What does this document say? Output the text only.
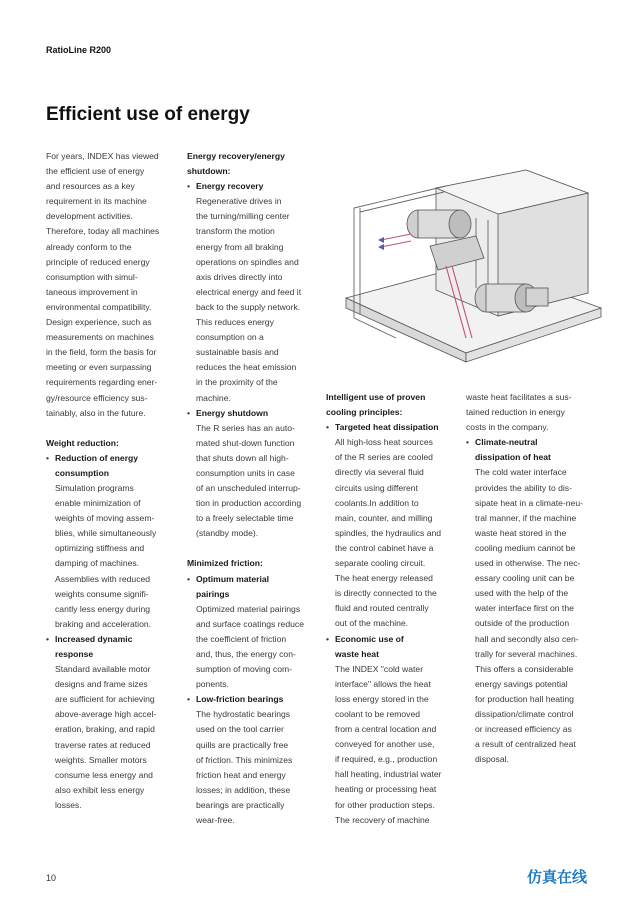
RatioLine R200
Efficient use of energy

For years, INDEX has viewed
the efficient use of energy
and resources as a key
requirement in its machine
development activities.
Therefore, today all machines
already conform to the
principle of reduced energy
consumption with simul-
taneous improvement in
environmental compatibility.
Design experience, such as
measurements on machines
in the field, form the basis for
meeting or even surpassing
requirements regarding ener-
gy/resource efficiency sus-
tainably, also in the future.

Weight reduction:
• Reduction of energy
consumption
Simulation programs
enable minimization of
weights of moving assem-
blies, while simultaneously
optimizing stiffness and
damping of machines.
Assemblies with reduced
weights consume signifi-
cantly less energy during
braking and acceleration.
• Increased dynamic
response
Standard available motor
designs and frame sizes
are sufficient for achieving
above-average high accel-
eration, braking, and rapid
traverse rates at reduced
weights. Smaller motors
consume less energy and
also exhibit less energy
losses.
Energy recovery/energy
shutdown:
• Energy recovery
Regenerative drives in
the turning/milling center
transform the motion
energy from all braking
operations on spindles and
axis drives directly into
electrical energy and feed it
back to the supply network.
This reduces energy
consumption on a
sustainable basis and
reduces the heat emission
in the proximity of the
machine.
• Energy shutdown
The R series has an auto-
mated shut-down function
that shuts down all high-
consumption units in case
of an unscheduled interrup-
tion in production according
to a freely selectable time
(standby mode).
Minimized friction:
• Optimum material
pairings
Optimized material pairings
and surface coatings reduce
the coefficient of friction
and, thus, the energy con-
sumption of moving com-
ponents.
• Low-friction bearings
The hydrostatic bearings
used on the tool carrier
quills are practically free
of friction. This minimizes
friction heat and energy
losses; in addition, these
bearings are practically
wear-free.
Intelligent use of proven
cooling principles:
• Targeted heat dissipation
All high-loss heat sources
of the R series are cooled
directly via several fluid
circuits using different
coolants.In addition to
main, counter, and milling
spindles, the hydraulics and
the control cabinet have a
separate cooling circuit.
The heat energy released
is directly connected to the
fluid and routed centrally
out of the machine.
• Economic use of
waste heat
The INDEX "cold water
interface" allows the heat
loss energy stored in the
coolant to be removed
from a central location and
conveyed for another use,
if required, e.g., production
hall heating, industrial water
heating or processing heat
for other production steps.
The recovery of machine

waste heat facilitates a sus-
tained reduction in energy
costs in the company.

• Climate-neutral
dissipation of heat
The cold water interface
provides the ability to dis-
sipate heat in a climate-neu-
tral manner, if the machine
waste heat stored in the
cooling medium cannot be
used in otherwise. The nec-
essary cooling unit can be
used with the help of the
water interface first on the
outside of the production
hall and secondly also cen-
trally for several machines.
This offers a considerable
energy savings potential
for production hall heating
dissipation/climate control
or increased efficiency as
a result of centralized heat
disposal.
10	仿真在线
